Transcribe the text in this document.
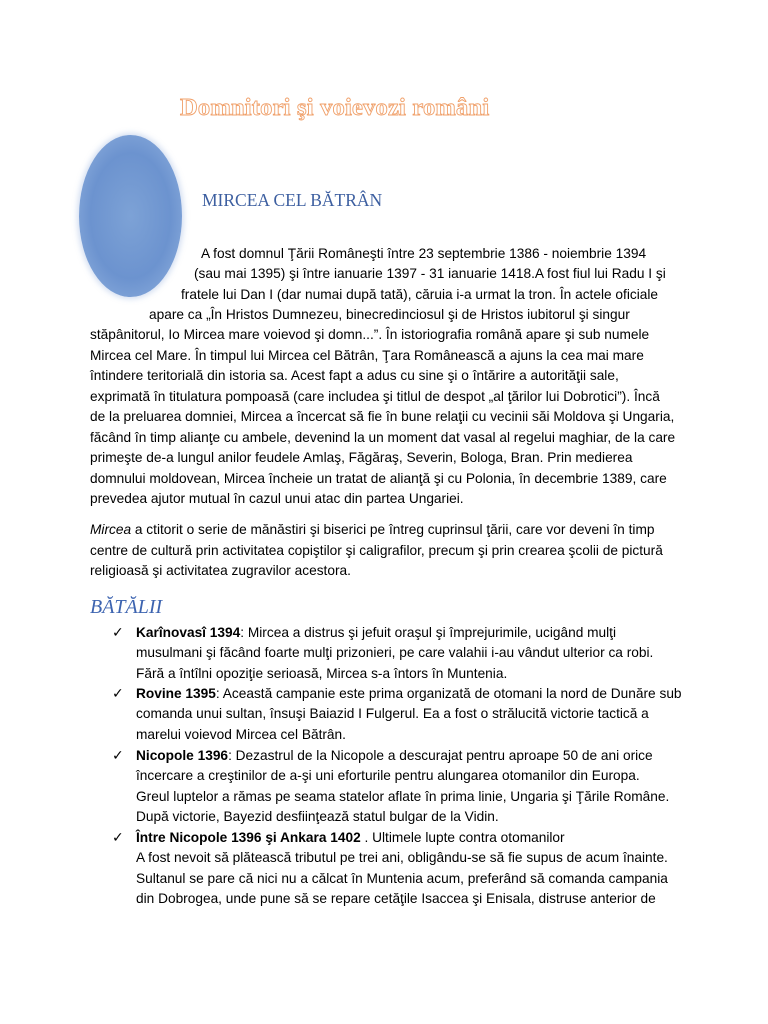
Domnitori şi voievozi români
MIRCEA CEL BĂTRÂN
A fost domnul Ţării Româneşti între 23 septembrie 1386 - noiembrie 1394
(sau mai 1395) şi între ianuarie 1397 - 31 ianuarie 1418.A fost fiul lui Radu I şi
fratele lui Dan I (dar numai după tată), căruia i-a urmat la tron. În actele oficiale
apare ca „În Hristos Dumnezeu, binecredinciosul şi de Hristos iubitorul şi singur
stăpânitorul, Io Mircea mare voievod şi domn...”. În istoriografia română apare şi sub numele
Mircea cel Mare. În timpul lui Mircea cel Bătrân, Ţara Românească a ajuns la cea mai mare
întindere teritorială din istoria sa. Acest fapt a adus cu sine şi o întărire a autorităţii sale,
exprimată în titulatura pompoasă (care includea şi titlul de despot „al ţărilor lui Dobrotici”). Încă
de la preluarea domniei, Mircea a încercat să fie în bune relaţii cu vecinii săi Moldova şi Ungaria,
făcând în timp alianţe cu ambele, devenind la un moment dat vasal al regelui maghiar, de la care
primeşte de-a lungul anilor feudele Amlaş, Făgăraş, Severin, Bologa, Bran. Prin medierea
domnului moldovean, Mircea încheie un tratat de alianţă şi cu Polonia, în decembrie 1389, care
prevedea ajutor mutual în cazul unui atac din partea Ungariei.
Mircea a ctitorit o serie de mănăstiri şi biserici pe întreg cuprinsul ţării, care vor deveni în timp
centre de cultură prin activitatea copiştilor şi caligrafilor, precum şi prin crearea şcolii de pictură
religioasă şi activitatea zugravilor acestora.
BĂTĂLII
✓ Karînovasî 1394: Mircea a distrus şi jefuit oraşul şi împrejurimile, ucigând mulţi
musulmani şi făcând foarte mulţi prizonieri, pe care valahii i-au vândut ulterior ca robi.
Fără a întîlni opoziţie serioasă, Mircea s-a întors în Muntenia.
✓ Rovine 1395: Această campanie este prima organizată de otomani la nord de Dunăre sub
comanda unui sultan, însuşi Baiazid I Fulgerul. Ea a fost o strălucită victorie tactică a
marelui voievod Mircea cel Bătrân.
✓ Nicopole 1396: Dezastrul de la Nicopole a descurajat pentru aproape 50 de ani orice
încercare a creştinilor de a-şi uni eforturile pentru alungarea otomanilor din Europa.
Greul luptelor a rămas pe seama statelor aflate în prima linie, Ungaria şi Ţările Române.
După victorie, Bayezid desfiinţează statul bulgar de la Vidin.
✓ Între Nicopole 1396 şi Ankara 1402 . Ultimele lupte contra otomanilor
A fost nevoit să plătească tributul pe trei ani, obligându-se să fie supus de acum înainte.
Sultanul se pare că nici nu a călcat în Muntenia acum, preferând să comanda campania
din Dobrogea, unde pune să se repare cetăţile Isaccea şi Enisala, distruse anterior de
